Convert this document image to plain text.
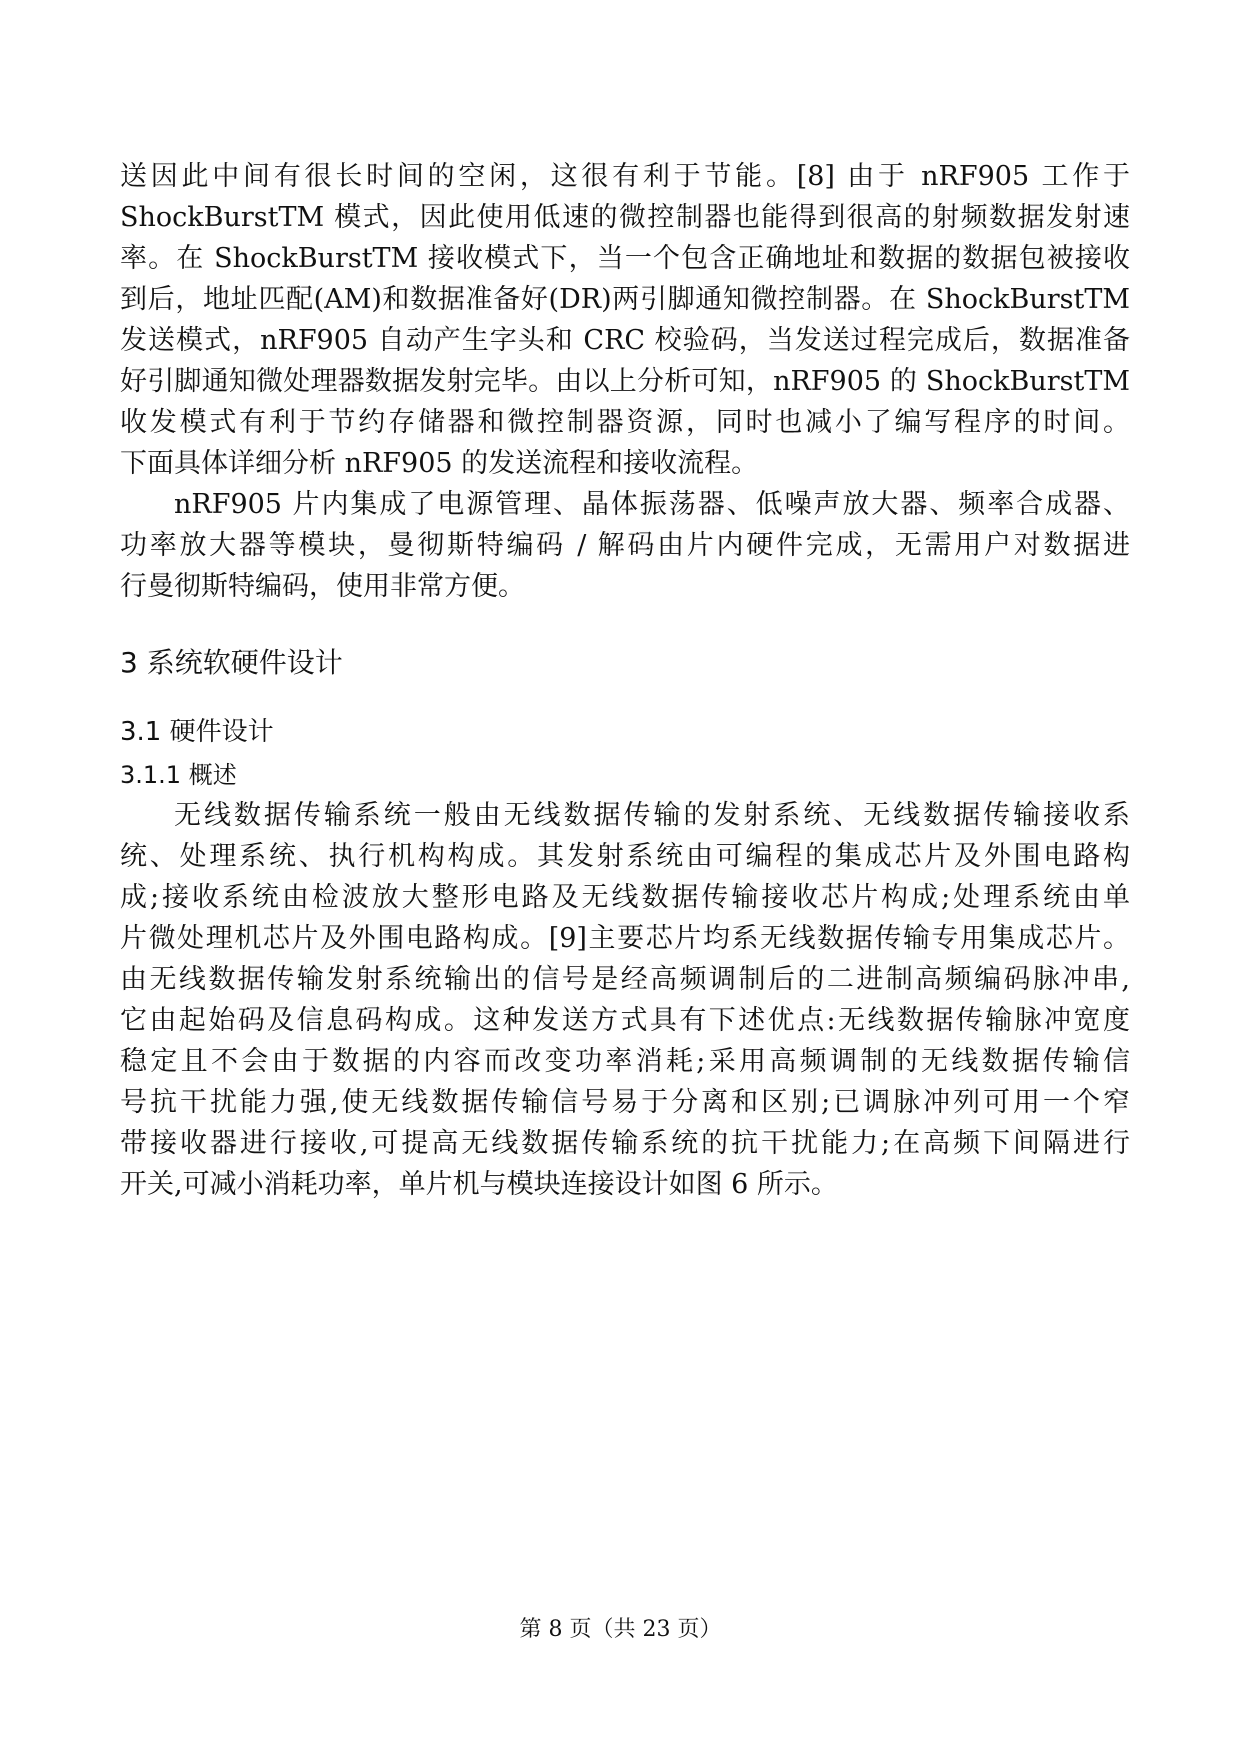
送因此中间有很长时间的空闲，这很有利于节能。[8] 由于 nRF905 工作于
ShockBurstTM 模式，因此使用低速的微控制器也能得到很高的射频数据发射速
率。在 ShockBurstTM 接收模式下，当一个包含正确地址和数据的数据包被接收
到后，地址匹配(AM)和数据准备好(DR)两引脚通知微控制器。在 ShockBurstTM
发送模式，nRF905 自动产生字头和 CRC 校验码，当发送过程完成后，数据准备
好引脚通知微处理器数据发射完毕。由以上分析可知，nRF905 的 ShockBurstTM
收发模式有利于节约存储器和微控制器资源，同时也减小了编写程序的时间。
下面具体详细分析 nRF905 的发送流程和接收流程。
nRF905 片内集成了电源管理、晶体振荡器、低噪声放大器、频率合成器、
功率放大器等模块，曼彻斯特编码 / 解码由片内硬件完成，无需用户对数据进
行曼彻斯特编码，使用非常方便。
3 系统软硬件设计
3.1 硬件设计
3.1.1 概述
无线数据传输系统一般由无线数据传输的发射系统、无线数据传输接收系
统、处理系统、执行机构构成。其发射系统由可编程的集成芯片及外围电路构
成;接收系统由检波放大整形电路及无线数据传输接收芯片构成;处理系统由单
片微处理机芯片及外围电路构成。[9]主要芯片均系无线数据传输专用集成芯片。
由无线数据传输发射系统输出的信号是经高频调制后的二进制高频编码脉冲串,
它由起始码及信息码构成。这种发送方式具有下述优点:无线数据传输脉冲宽度
稳定且不会由于数据的内容而改变功率消耗;采用高频调制的无线数据传输信
号抗干扰能力强,使无线数据传输信号易于分离和区别;已调脉冲列可用一个窄
带接收器进行接收,可提高无线数据传输系统的抗干扰能力;在高频下间隔进行
开关,可减小消耗功率，单片机与模块连接设计如图 6 所示。
第 8 页（共 23 页）
